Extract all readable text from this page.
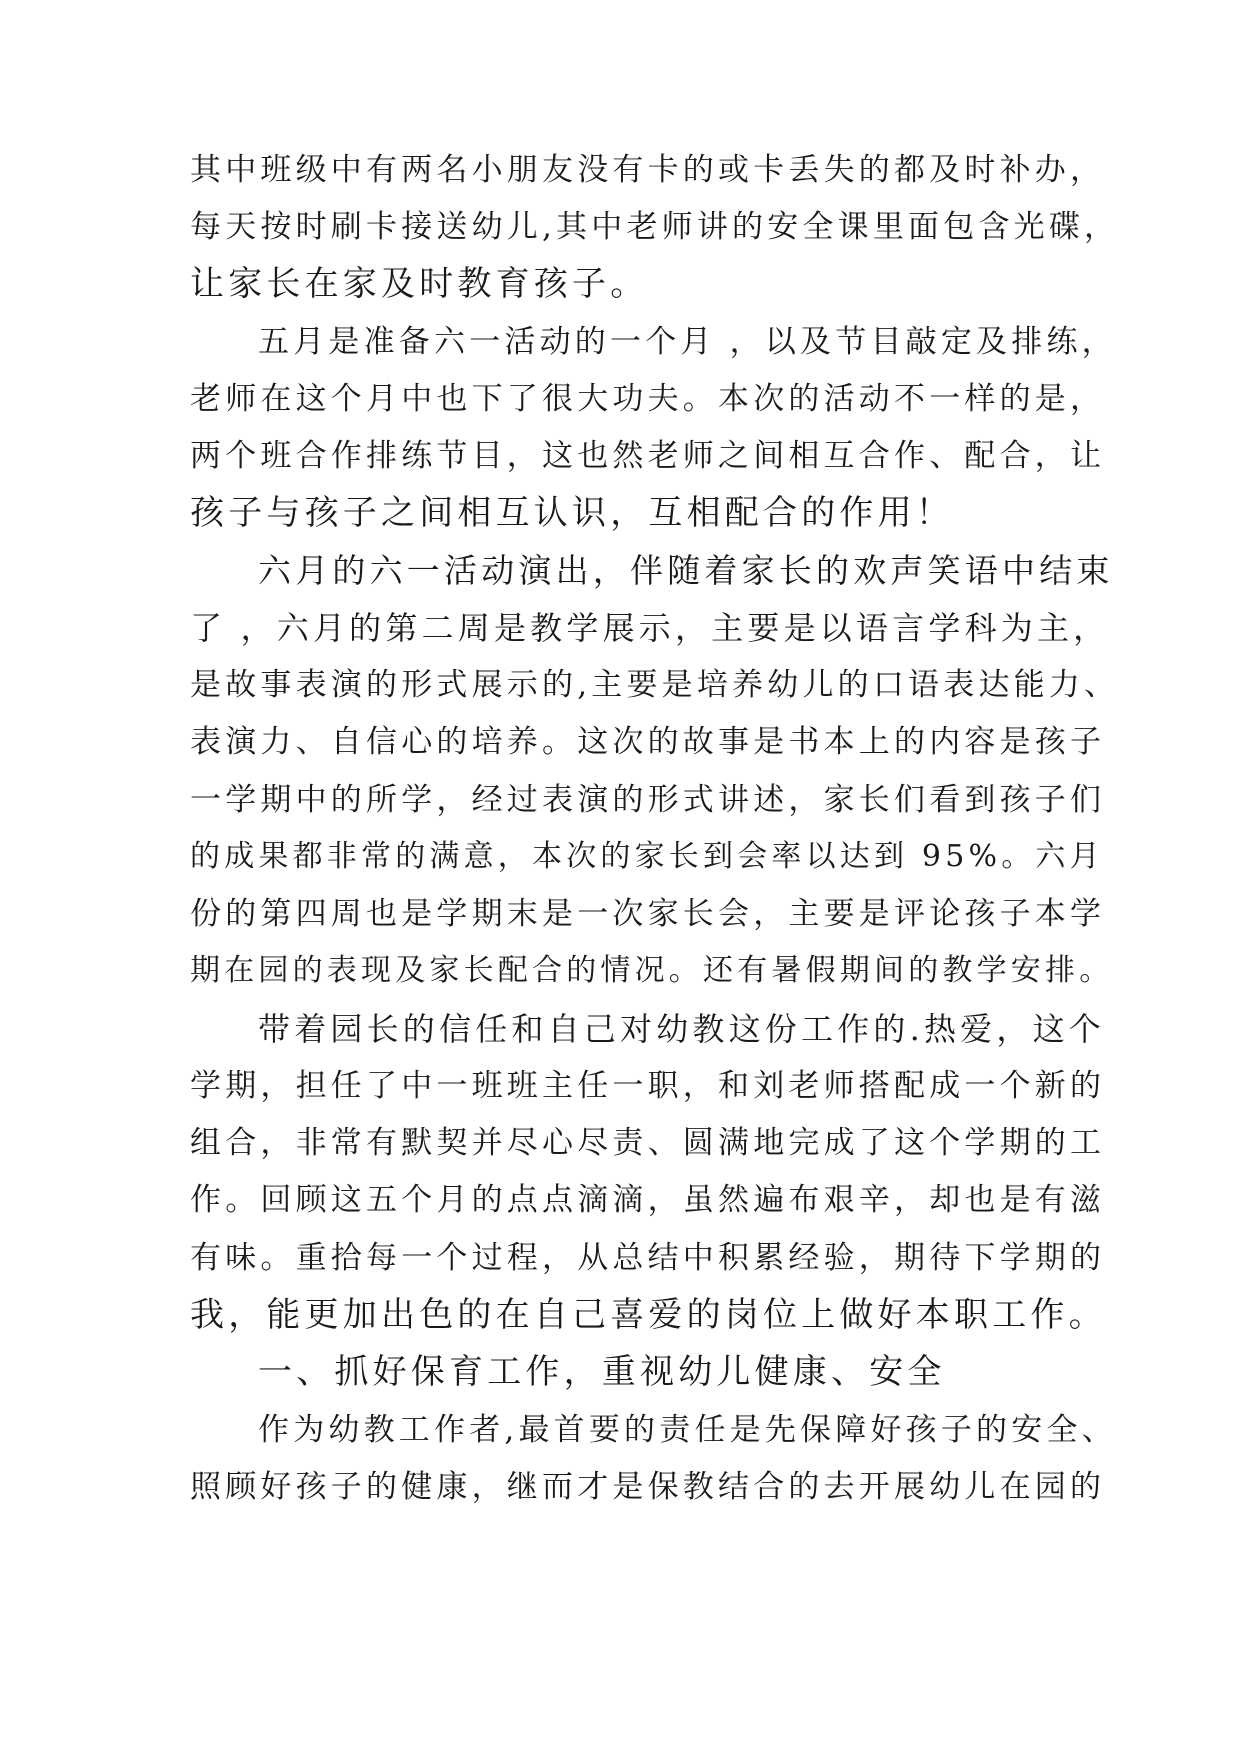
其中班级中有两名小朋友没有卡的或卡丢失的都及时补办，
每天按时刷卡接送幼儿,其中老师讲的安全课里面包含光碟，
让家长在家及时教育孩子。
五月是准备六一活动的一个月 ，以及节目敲定及排练，
老师在这个月中也下了很大功夫。本次的活动不一样的是，
两个班合作排练节目，这也然老师之间相互合作、配合，让
孩子与孩子之间相互认识，互相配合的作用！
六月的六一活动演出，伴随着家长的欢声笑语中结束
了 ，六月的第二周是教学展示，主要是以语言学科为主，
是故事表演的形式展示的,主要是培养幼儿的口语表达能力、
表演力、自信心的培养。这次的故事是书本上的内容是孩子
一学期中的所学，经过表演的形式讲述，家长们看到孩子们
的成果都非常的满意，本次的家长到会率以达到 95%。六月
份的第四周也是学期末是一次家长会，主要是评论孩子本学
期在园的表现及家长配合的情况。还有暑假期间的教学安排。
带着园长的信任和自己对幼教这份工作的.热爱，这个
学期，担任了中一班班主任一职，和刘老师搭配成一个新的
组合，非常有默契并尽心尽责、圆满地完成了这个学期的工
作。回顾这五个月的点点滴滴，虽然遍布艰辛，却也是有滋
有味。重拾每一个过程，从总结中积累经验，期待下学期的
我，能更加出色的在自己喜爱的岗位上做好本职工作。
一、抓好保育工作，重视幼儿健康、安全
作为幼教工作者,最首要的责任是先保障好孩子的安全、
照顾好孩子的健康，继而才是保教结合的去开展幼儿在园的
